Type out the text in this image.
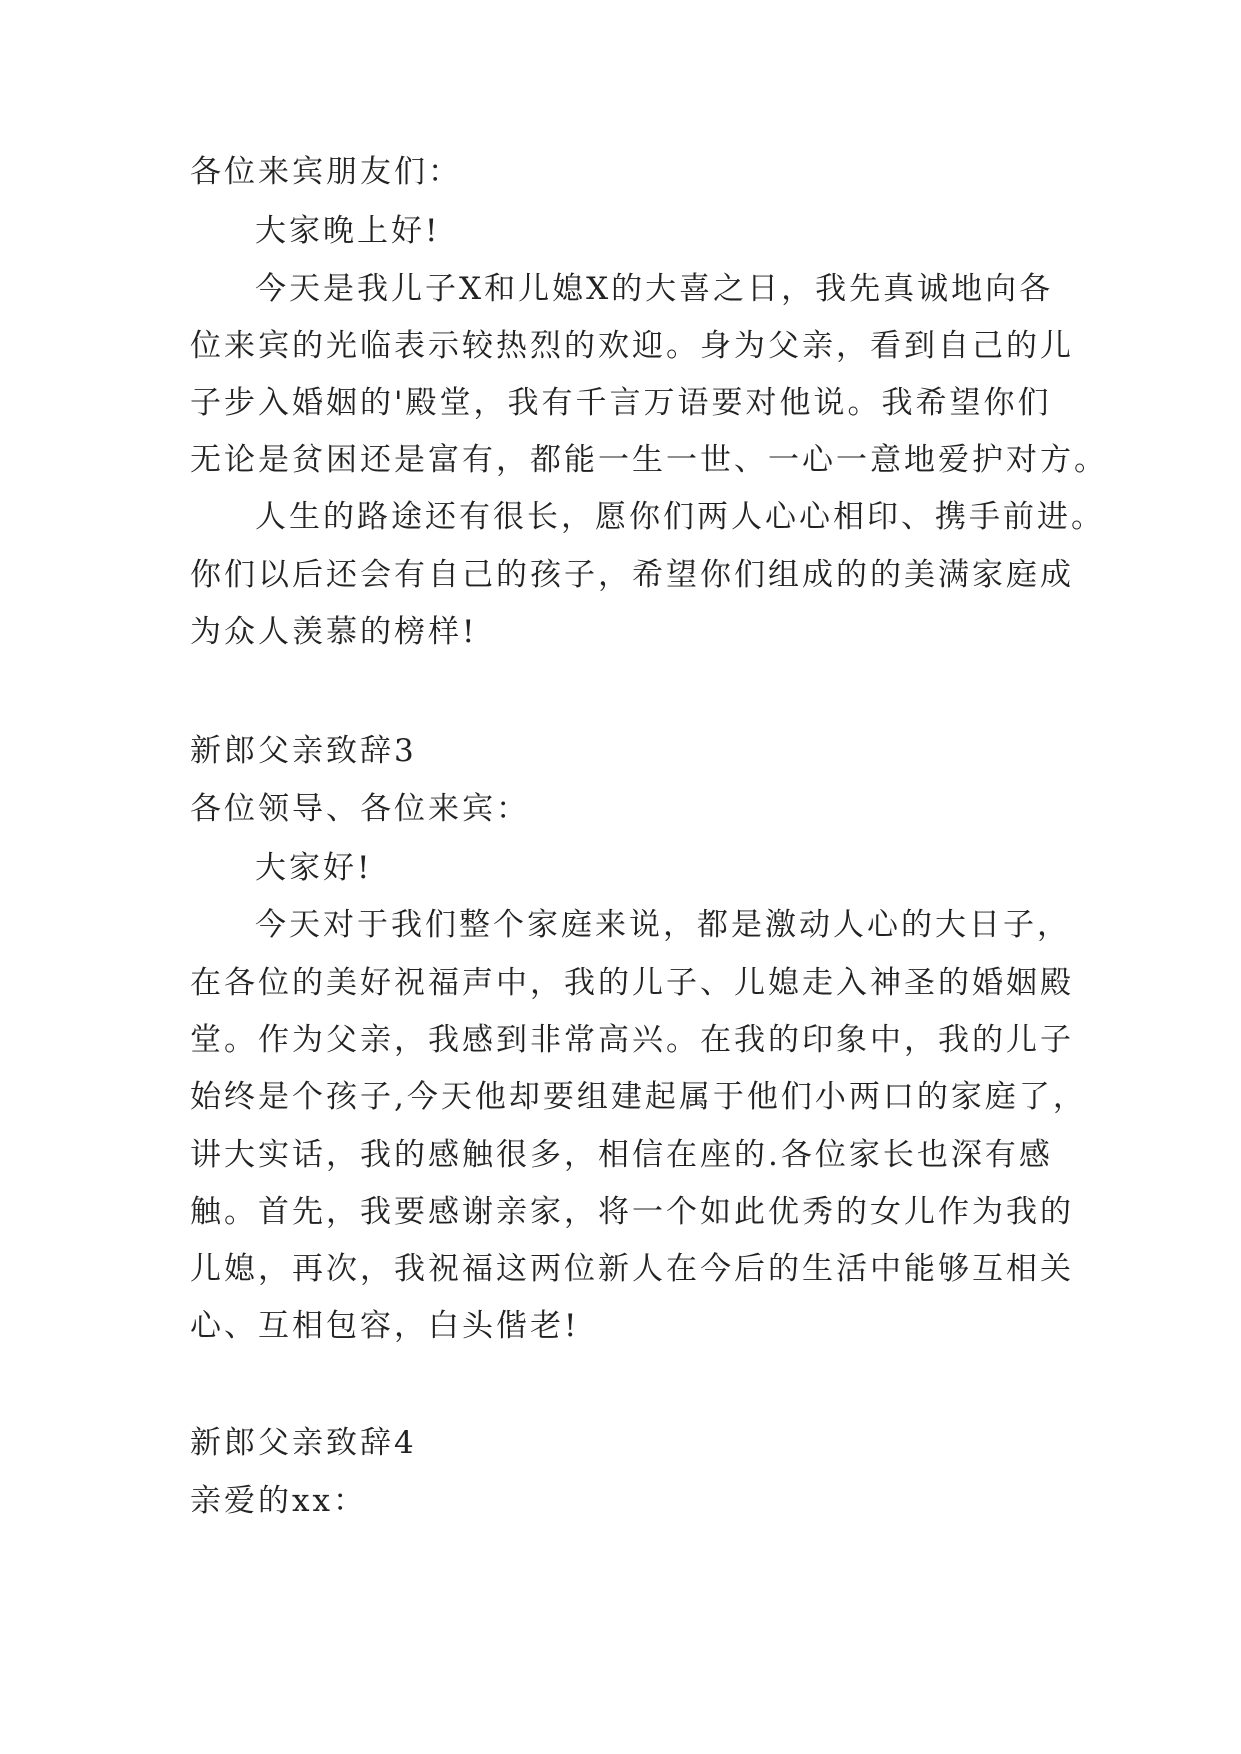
各位来宾朋友们：
大家晚上好!
今天是我儿子X和儿媳X的大喜之日，我先真诚地向各
位来宾的光临表示较热烈的欢迎。身为父亲，看到自己的儿
子步入婚姻的'殿堂，我有千言万语要对他说。我希望你们
无论是贫困还是富有，都能一生一世、一心一意地爱护对方。
人生的路途还有很长，愿你们两人心心相印、携手前进。
你们以后还会有自己的孩子，希望你们组成的的美满家庭成
为众人羡慕的榜样!
新郎父亲致辞3
各位领导、各位来宾：
大家好!
今天对于我们整个家庭来说，都是激动人心的大日子，
在各位的美好祝福声中，我的儿子、儿媳走入神圣的婚姻殿
堂。作为父亲，我感到非常高兴。在我的印象中，我的儿子
始终是个孩子,今天他却要组建起属于他们小两口的家庭了，
讲大实话，我的感触很多，相信在座的.各位家长也深有感
触。首先，我要感谢亲家，将一个如此优秀的女儿作为我的
儿媳，再次，我祝福这两位新人在今后的生活中能够互相关
心、互相包容，白头偕老!
新郎父亲致辞4
亲爱的xx：
